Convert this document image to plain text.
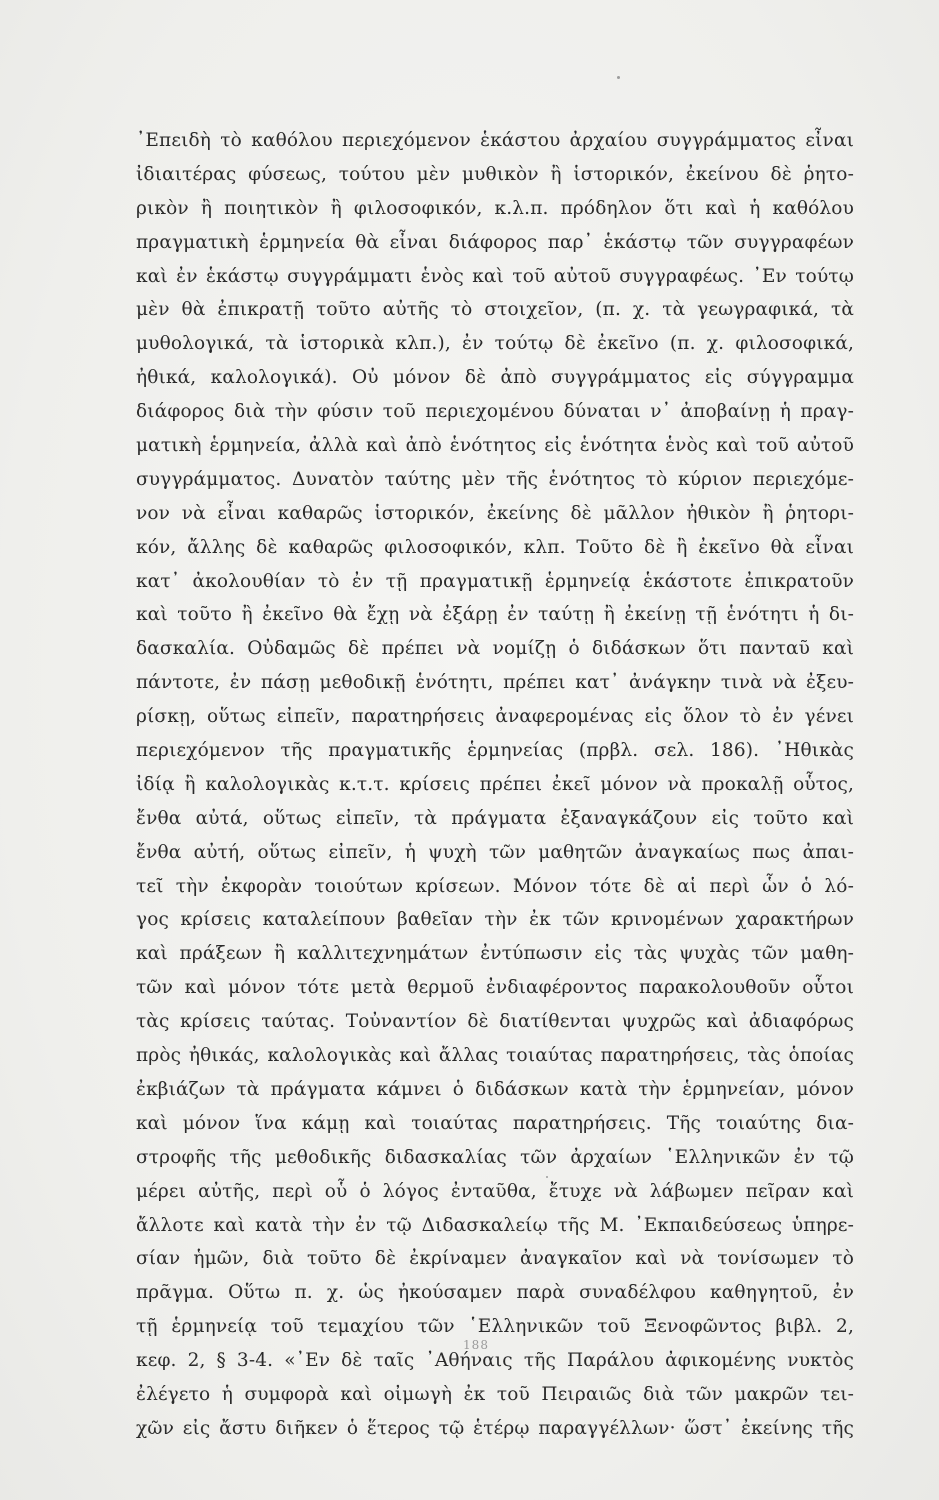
᾿Επειδὴ τὸ καθόλου περιεχόμενον ἑκάστου ἀρχαίου συγγράμματος εἶναι
ἰδιαιτέρας φύσεως, τούτου μὲν μυθικὸν ἢ ἱστορικόν, ἐκείνου δὲ ῥητο-
ρικὸν ἢ ποιητικὸν ἢ φιλοσοφικόν, κ.λ.π. πρόδηλον ὅτι καὶ ἡ καθόλου
πραγματικὴ ἑρμηνεία θὰ εἶναι διάφορος παρ᾿ ἑκάστῳ τῶν συγγραφέων
καὶ ἐν ἑκάστῳ συγγράμματι ἑνὸς καὶ τοῦ αὐτοῦ συγγραφέως. ᾿Εν τούτῳ
μὲν θὰ ἐπικρατῇ τοῦτο αὐτῆς τὸ στοιχεῖον, (π. χ. τὰ γεωγραφικά, τὰ
μυθολογικά, τὰ ἱστορικὰ κλπ.), ἐν τούτῳ δὲ ἐκεῖνο (π. χ. φιλοσοφικά,
ἠθικά, καλολογικά). Οὐ μόνον δὲ ἀπὸ συγγράμματος εἰς σύγγραμμα
διάφορος διὰ τὴν φύσιν τοῦ περιεχομένου δύναται ν᾿ ἀποβαίνῃ ἡ πραγ-
ματικὴ ἑρμηνεία, ἀλλὰ καὶ ἀπὸ ἑνότητος εἰς ἑνότητα ἑνὸς καὶ τοῦ αὐτοῦ
συγγράμματος. Δυνατὸν ταύτης μὲν τῆς ἑνότητος τὸ κύριον περιεχόμε-
νον νὰ εἶναι καθαρῶς ἱστορικόν, ἐκείνης δὲ μᾶλλον ἠθικὸν ἢ ῥητορι-
κόν, ἄλλης δὲ καθαρῶς φιλοσοφικόν, κλπ. Τοῦτο δὲ ἢ ἐκεῖνο θὰ εἶναι
κατ᾿ ἀκολουθίαν τὸ ἐν τῇ πραγματικῇ ἑρμηνείᾳ ἑκάστοτε ἐπικρατοῦν
καὶ τοῦτο ἢ ἐκεῖνο θὰ ἔχῃ νὰ ἐξάρῃ ἐν ταύτῃ ἢ ἐκείνῃ τῇ ἑνότητι ἡ δι-
δασκαλία. Οὐδαμῶς δὲ πρέπει νὰ νομίζῃ ὁ διδάσκων ὅτι πανταῦ καὶ
πάντοτε, ἐν πάσῃ μεθοδικῇ ἑνότητι, πρέπει κατ᾿ ἀνάγκην τινὰ νὰ ἐξευ-
ρίσκῃ, οὕτως εἰπεῖν, παρατηρήσεις ἀναφερομένας εἰς ὅλον τὸ ἐν γένει
περιεχόμενον τῆς πραγματικῆς ἑρμηνείας (πρβλ. σελ. 186). ᾿Ηθικὰς
ἰδίᾳ ἢ καλολογικὰς κ.τ.τ. κρίσεις πρέπει ἐκεῖ μόνον νὰ προκαλῇ οὗτος,
ἔνθα αὐτά, οὕτως εἰπεῖν, τὰ πράγματα ἐξαναγκάζουν εἰς τοῦτο καὶ
ἔνθα αὐτή, οὕτως εἰπεῖν, ἡ ψυχὴ τῶν μαθητῶν ἀναγκαίως πως ἀπαι-
τεῖ τὴν ἐκφορὰν τοιούτων κρίσεων. Μόνον τότε δὲ αἱ περὶ ὧν ὁ λό-
γος κρίσεις καταλείπουν βαθεῖαν τὴν ἐκ τῶν κρινομένων χαρακτήρων
καὶ πράξεων ἢ καλλιτεχνημάτων ἐντύπωσιν εἰς τὰς ψυχὰς τῶν μαθη-
τῶν καὶ μόνον τότε μετὰ θερμοῦ ἐνδιαφέροντος παρακολουθοῦν οὗτοι
τὰς κρίσεις ταύτας. Τοὐναντίον δὲ διατίθενται ψυχρῶς καὶ ἀδιαφόρως
πρὸς ἠθικάς, καλολογικὰς καὶ ἄλλας τοιαύτας παρατηρήσεις, τὰς ὁποίας
ἐκβιάζων τὰ πράγματα κάμνει ὁ διδάσκων κατὰ τὴν ἑρμηνείαν, μόνον
καὶ μόνον ἵνα κάμῃ καὶ τοιαύτας παρατηρήσεις. Τῆς τοιαύτης δια-
στροφῆς τῆς μεθοδικῆς διδασκαλίας τῶν ἀρχαίων ῾Ελληνικῶν ἐν τῷ
μέρει αὐτῆς, περὶ οὗ ὁ λόγος ἐνταῦθα, ἔτυχε νὰ λάβωμεν πεῖραν καὶ
ἄλλοτε καὶ κατὰ τὴν ἐν τῷ Διδασκαλείῳ τῆς Μ. ᾿Εκπαιδεύσεως ὑπηρε-
σίαν ἡμῶν, διὰ τοῦτο δὲ ἐκρίναμεν ἀναγκαῖον καὶ νὰ τονίσωμεν τὸ
πρᾶγμα. Οὕτω π. χ. ὡς ἠκούσαμεν παρὰ συναδέλφου καθηγητοῦ, ἐν
τῇ ἑρμηνείᾳ τοῦ τεμαχίου τῶν ῾Ελληνικῶν τοῦ Ξενοφῶντος βιβλ. 2,
κεφ. 2, § 3-4. «᾿Εν δὲ ταῖς ᾿Αθήναις τῆς Παράλου ἀφικομένης νυκτὸς
ἐλέγετο ἡ συμφορὰ καὶ οἰμωγὴ ἐκ τοῦ Πειραιῶς διὰ τῶν μακρῶν τει-
χῶν εἰς ἄστυ διῆκεν ὁ ἕτερος τῷ ἑτέρῳ παραγγέλλων· ὥστ᾿ ἐκείνης τῆς
188
